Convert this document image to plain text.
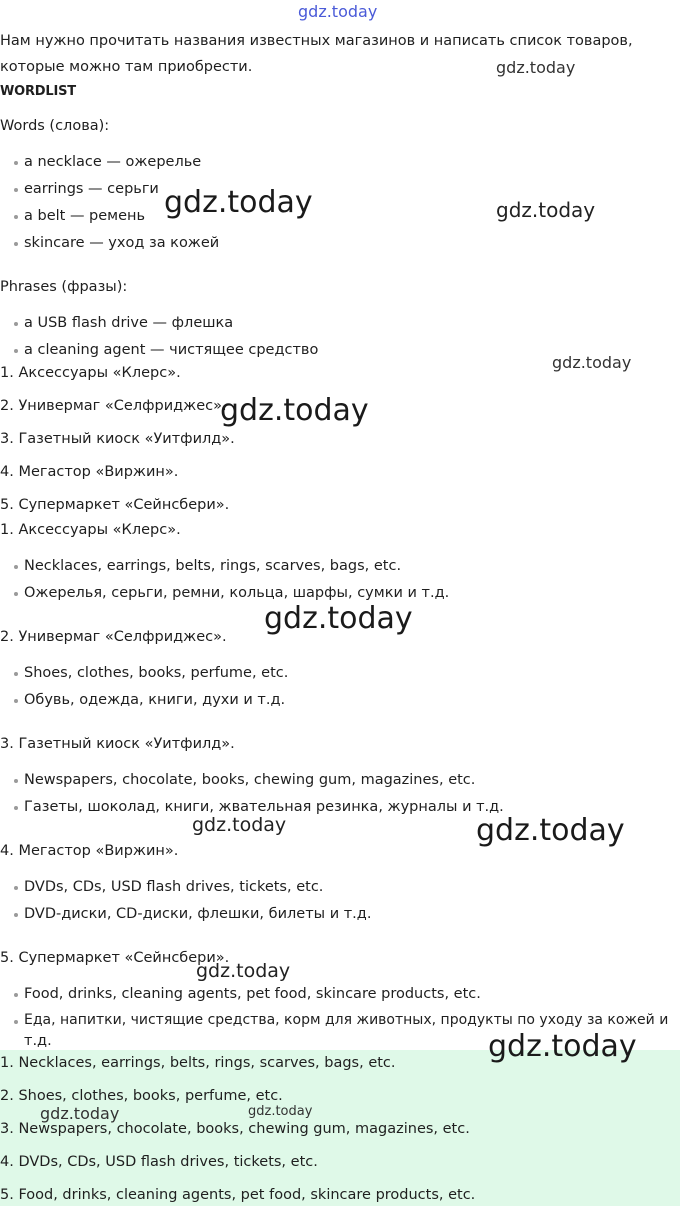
Нам нужно прочитать названия известных магазинов и написать список товаров,
которые можно там приобрести.
WORDLIST
Words (слова):
a necklace — ожерелье
earrings — серьги
a belt — ремень
skincare — уход за кожей
Phrases (фразы):
a USB flash drive — флешка
a cleaning agent — чистящее средство
1. Аксессуары «Клерс».
2. Универмаг «Селфриджес».
3. Газетный киоск «Уитфилд».
4. Мегастор «Виржин».
5. Супермаркет «Сейнсбери».
1. Аксессуары «Клерс».
Necklaces, earrings, belts, rings, scarves, bags, etc.
Ожерелья, серьги, ремни, кольца, шарфы, сумки и т.д.
2. Универмаг «Селфриджес».
Shoes, clothes, books, perfume, etc.
Обувь, одежда, книги, духи и т.д.
3. Газетный киоск «Уитфилд».
Newspapers, chocolate, books, chewing gum, magazines, etc.
Газеты, шоколад, книги, жвательная резинка, журналы и т.д.
4. Мегастор «Виржин».
DVDs, CDs, USD flash drives, tickets, etc.
DVD-диски, CD-диски, флешки, билеты и т.д.
5. Супермаркет «Сейнсбери».
Food, drinks, cleaning agents, pet food, skincare products, etc.
Еда, напитки, чистящие средства, корм для животных, продукты по уходу за кожей и
т.д.
1. Necklaces, earrings, belts, rings, scarves, bags, etc.
2. Shoes, clothes, books, perfume, etc.
3. Newspapers, chocolate, books, chewing gum, magazines, etc.
4. DVDs, CDs, USD flash drives, tickets, etc.
5. Food, drinks, cleaning agents, pet food, skincare products, etc.
gdz.today
gdz.today
gdz.today	gdz.today
gdz.today
gdz.today
gdz.today
gdz.today	gdz.today
gdz.today
gdz.today
gdz.today	gdz.today
